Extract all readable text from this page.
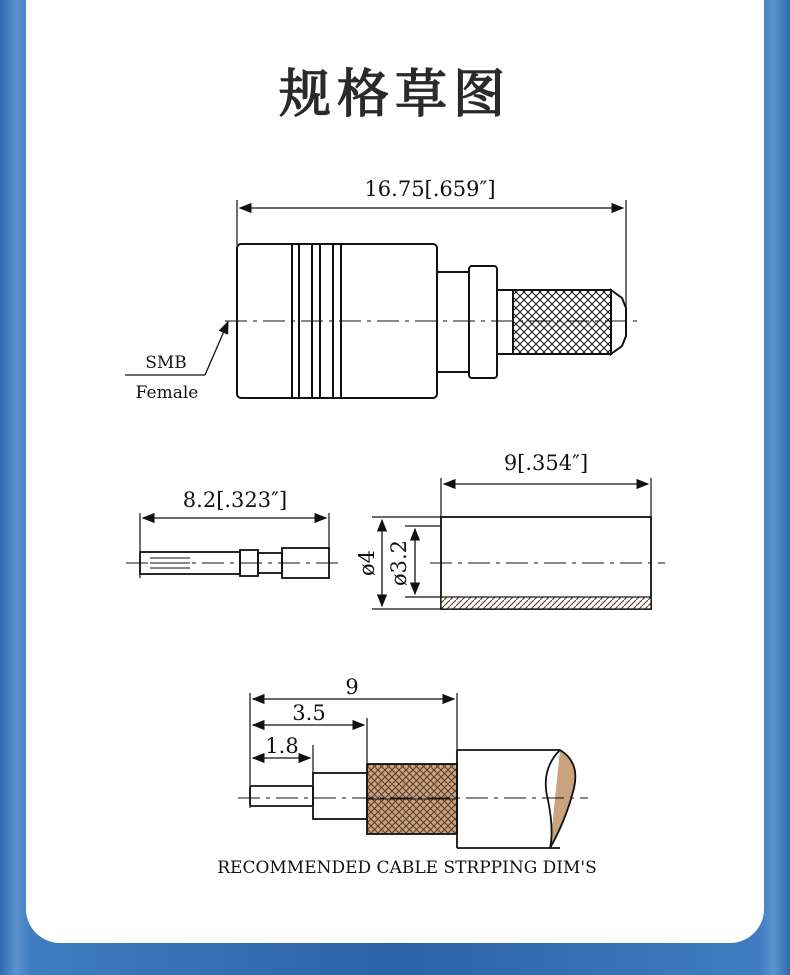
规格草图
16.75[.659″]
SMB
Female
8.2[.323″]
9[.354″]
ø4 ø3.2
9
3.5
1.8
RECOMMENDED CABLE STRPPING DIM'S
